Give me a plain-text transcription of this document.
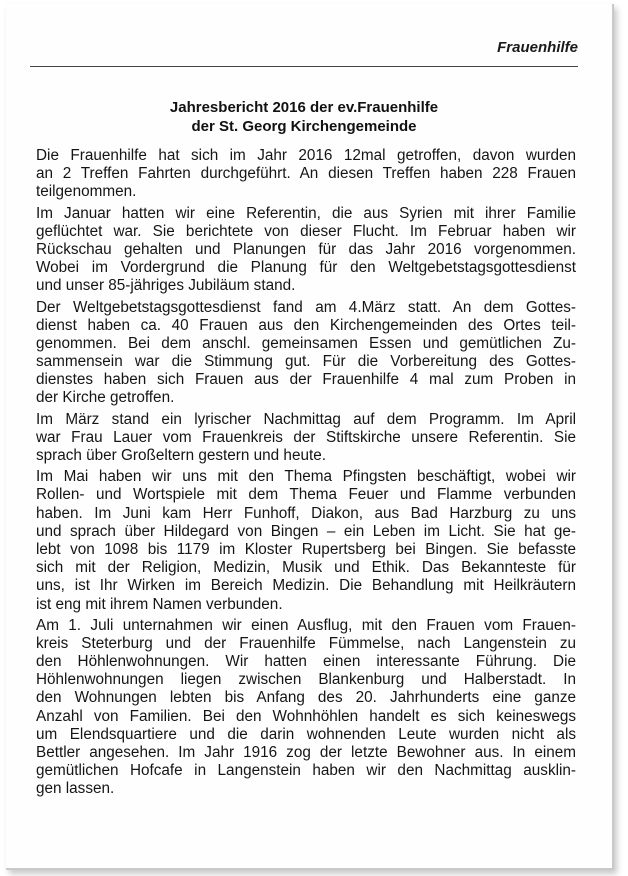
Frauenhilfe
Jahresbericht 2016 der ev.Frauenhilfe
der St. Georg Kirchengemeinde
Die Frauenhilfe hat sich im Jahr 2016 12mal getroffen, davon wurden
an 2 Treffen Fahrten durchgeführt. An diesen Treffen haben 228 Frauen
teilgenommen.
Im Januar hatten wir eine Referentin, die aus Syrien mit ihrer Familie
geflüchtet war. Sie berichtete von dieser Flucht. Im Februar haben wir
Rückschau gehalten und Planungen für das Jahr 2016 vorgenommen.
Wobei im Vordergrund die Planung für den Weltgebetstagsgottesdienst
und unser 85-jähriges Jubiläum stand.
Der Weltgebetstagsgottesdienst fand am 4.März statt. An dem Gottes-
dienst haben ca. 40 Frauen aus den Kirchengemeinden des Ortes teil-
genommen. Bei dem anschl. gemeinsamen Essen und gemütlichen Zu-
sammensein war die Stimmung gut. Für die Vorbereitung des Gottes-
dienstes haben sich Frauen aus der Frauenhilfe 4 mal zum Proben in
der Kirche getroffen.
Im März stand ein lyrischer Nachmittag auf dem Programm. Im April
war Frau Lauer vom Frauenkreis der Stiftskirche unsere Referentin. Sie
sprach über Großeltern gestern und heute.
Im Mai haben wir uns mit den Thema Pfingsten beschäftigt, wobei wir
Rollen- und Wortspiele mit dem Thema Feuer und Flamme verbunden
haben. Im Juni kam Herr Funhoff, Diakon, aus Bad Harzburg zu uns
und sprach über Hildegard von Bingen – ein Leben im Licht. Sie hat ge-
lebt von 1098 bis 1179 im Kloster Rupertsberg bei Bingen. Sie befasste
sich mit der Religion, Medizin, Musik und Ethik. Das Bekannteste für
uns, ist Ihr Wirken im Bereich Medizin. Die Behandlung mit Heilkräutern
ist eng mit ihrem Namen verbunden.
Am 1. Juli unternahmen wir einen Ausflug, mit den Frauen vom Frauen-
kreis Steterburg und der Frauenhilfe Fümmelse, nach Langenstein zu
den Höhlenwohnungen. Wir hatten einen interessante Führung. Die
Höhlenwohnungen liegen zwischen Blankenburg und Halberstadt. In
den Wohnungen lebten bis Anfang des 20. Jahrhunderts eine ganze
Anzahl von Familien. Bei den Wohnhöhlen handelt es sich keineswegs
um Elendsquartiere und die darin wohnenden Leute wurden nicht als
Bettler angesehen. Im Jahr 1916 zog der letzte Bewohner aus. In einem
gemütlichen Hofcafe in Langenstein haben wir den Nachmittag ausklin-
gen lassen.
